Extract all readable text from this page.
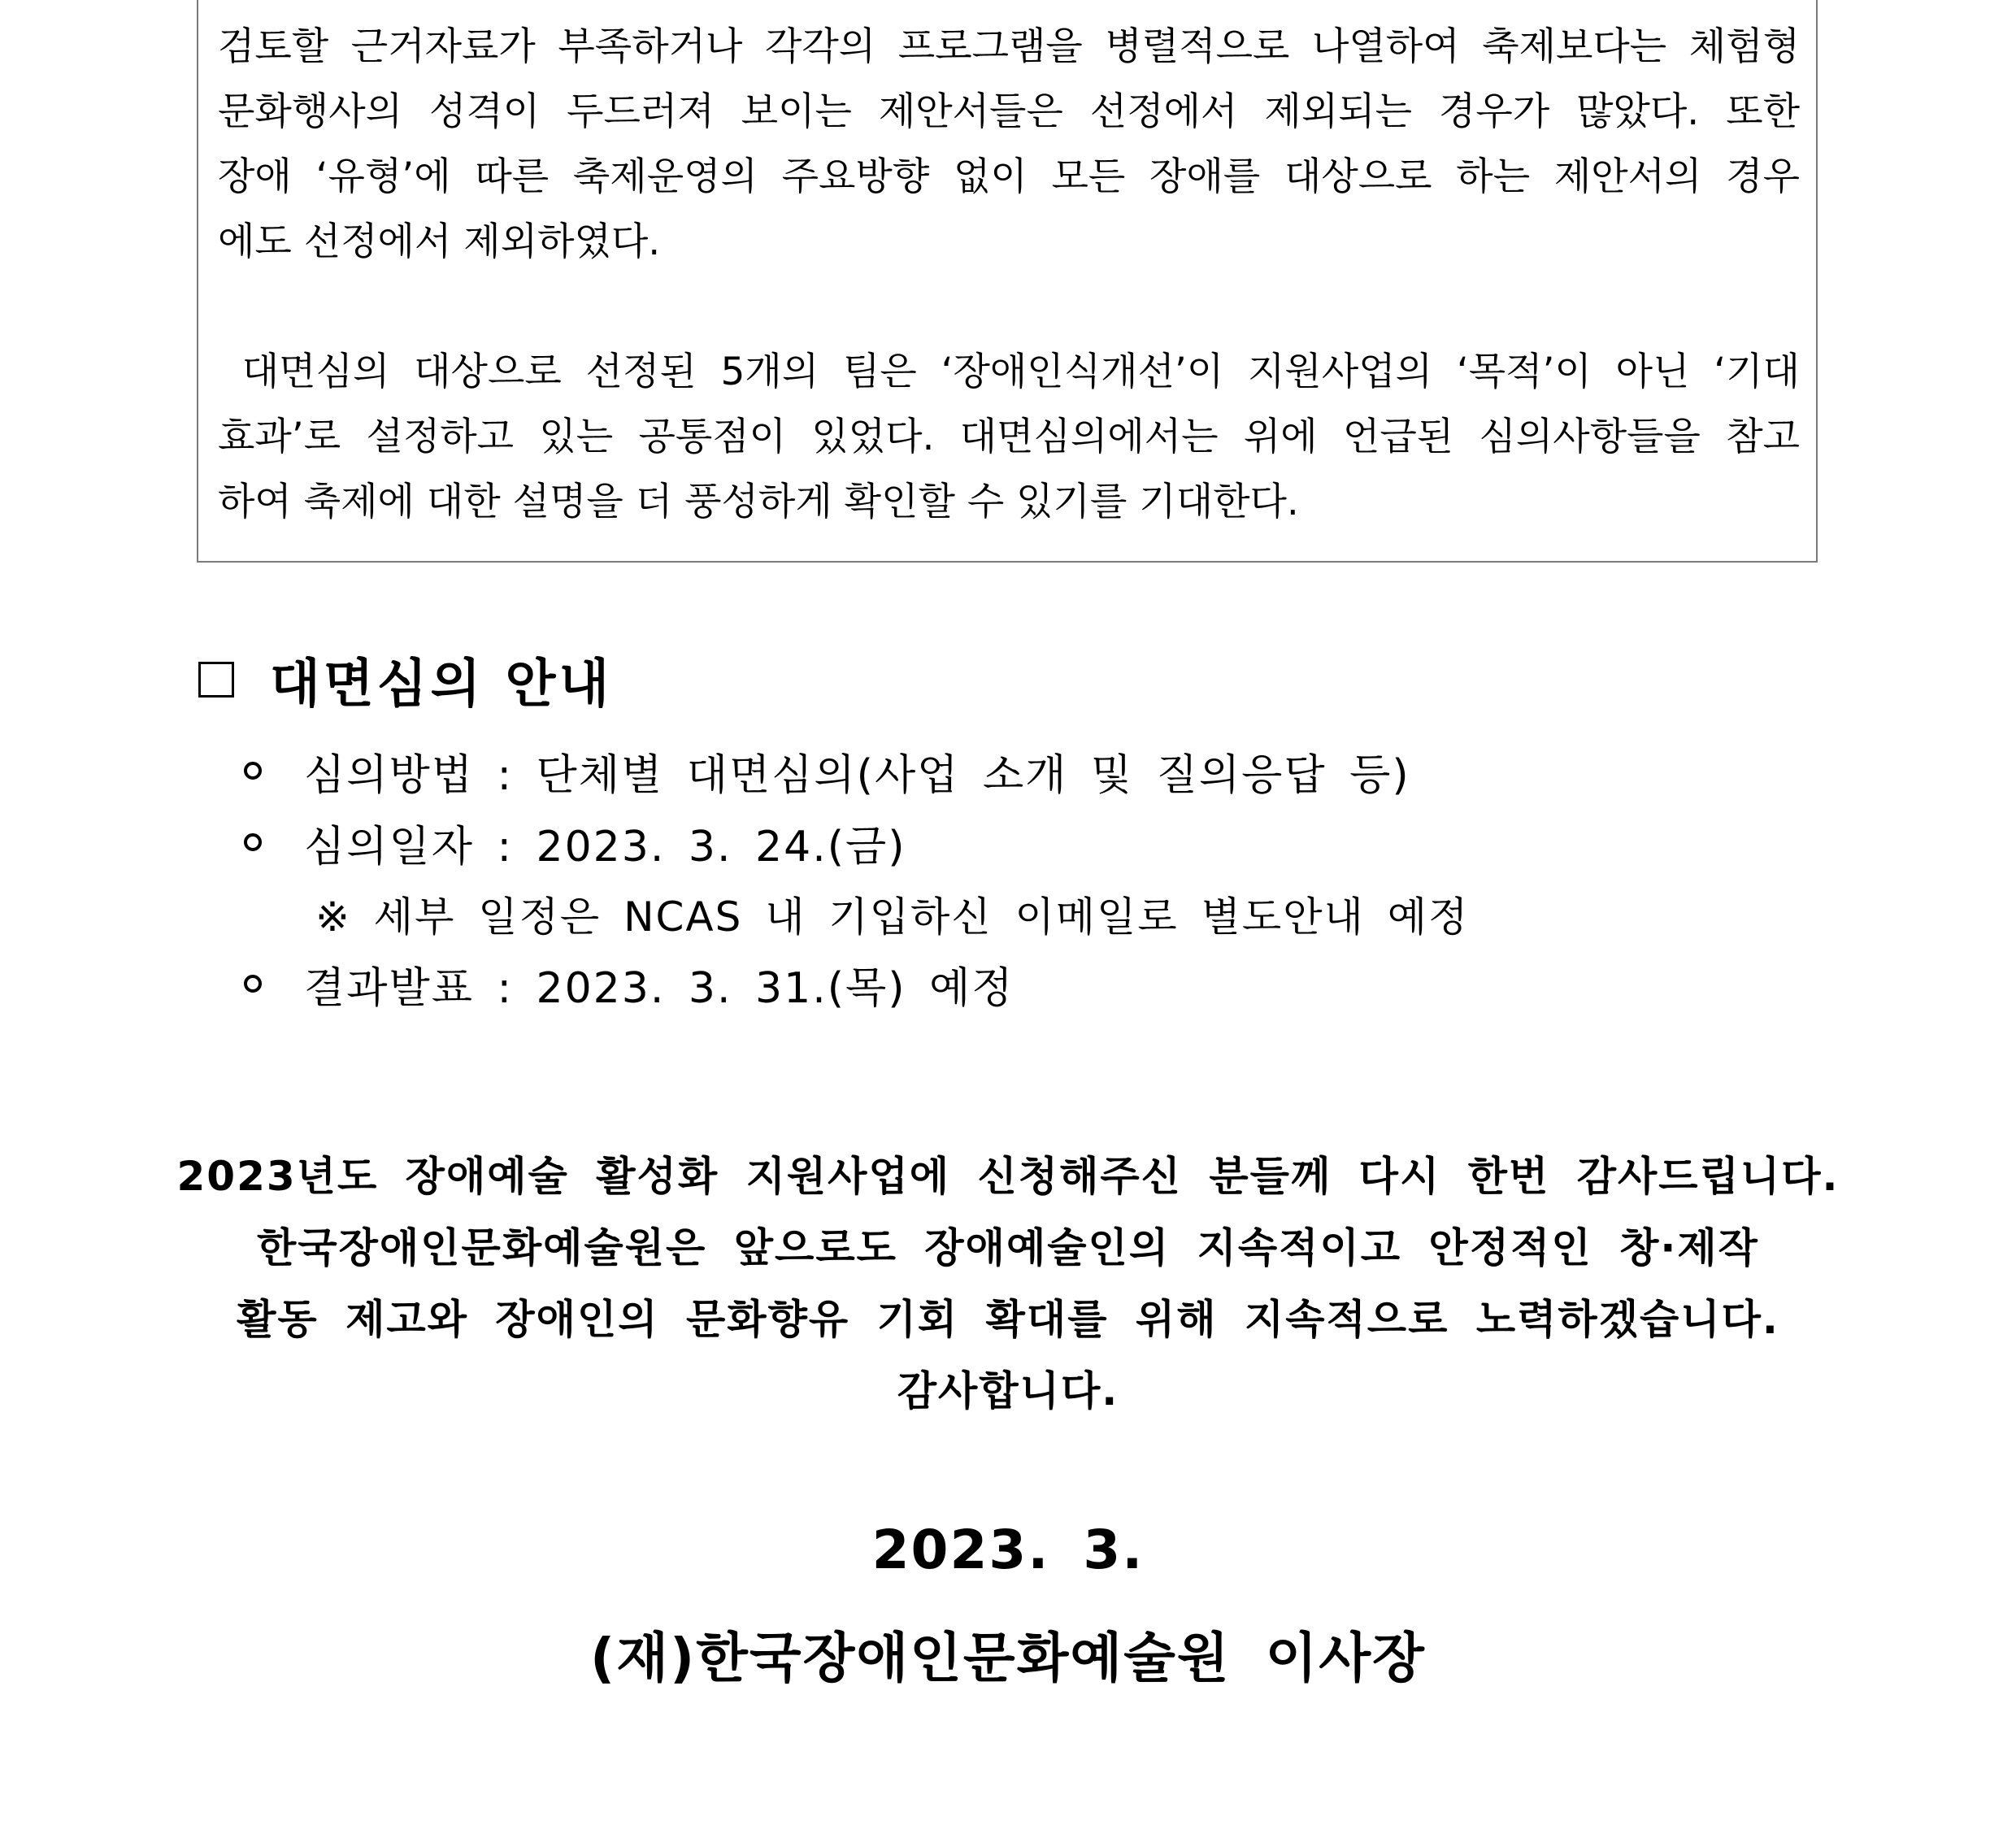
검토할 근거자료가 부족하거나 각각의 프로그램을 병렬적으로 나열하여 축제보다는 체험형
문화행사의 성격이 두드러져 보이는 제안서들은 선정에서 제외되는 경우가 많았다. 또한
장애 ‘유형’에 따른 축제운영의 주요방향 없이 모든 장애를 대상으로 하는 제안서의 경우
에도 선정에서 제외하였다.
대면심의 대상으로 선정된 5개의 팀은 ‘장애인식개선’이 지원사업의 ‘목적’이 아닌 ‘기대
효과’로 설정하고 있는 공통점이 있었다. 대면심의에서는 위에 언급된 심의사항들을 참고
하여 축제에 대한 설명을 더 풍성하게 확인할 수 있기를 기대한다.
대면심의 안내
심의방법 : 단체별 대면심의(사업 소개 및 질의응답 등)
심의일자 : 2023. 3. 24.(금)
※ 세부 일정은 NCAS 내 기입하신 이메일로 별도안내 예정
결과발표 : 2023. 3. 31.(목) 예정
2023년도 장애예술 활성화 지원사업에 신청해주신 분들께 다시 한번 감사드립니다.
한국장애인문화예술원은 앞으로도 장애예술인의 지속적이고 안정적인 창·제작
활동 제고와 장애인의 문화향유 기회 확대를 위해 지속적으로 노력하겠습니다.
감사합니다.
2023. 3.
(재)한국장애인문화예술원 이사장
